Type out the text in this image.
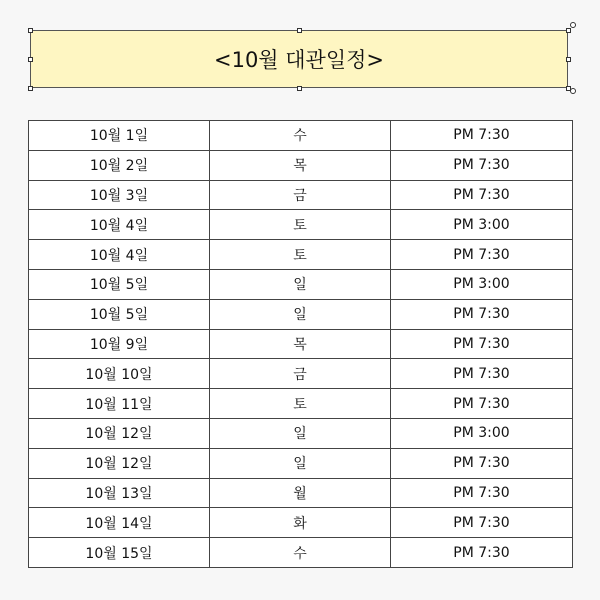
<10월 대관일정>
10월 1일	수	PM 7:30
10월 2일	목	PM 7:30
10월 3일	금	PM 7:30
10월 4일	토	PM 3:00
10월 4일	토	PM 7:30
10월 5일	일	PM 3:00
10월 5일	일	PM 7:30
10월 9일	목	PM 7:30
10월 10일	금	PM 7:30
10월 11일	토	PM 7:30
10월 12일	일	PM 3:00
10월 12일	일	PM 7:30
10월 13일	월	PM 7:30
10월 14일	화	PM 7:30
10월 15일	수	PM 7:30
